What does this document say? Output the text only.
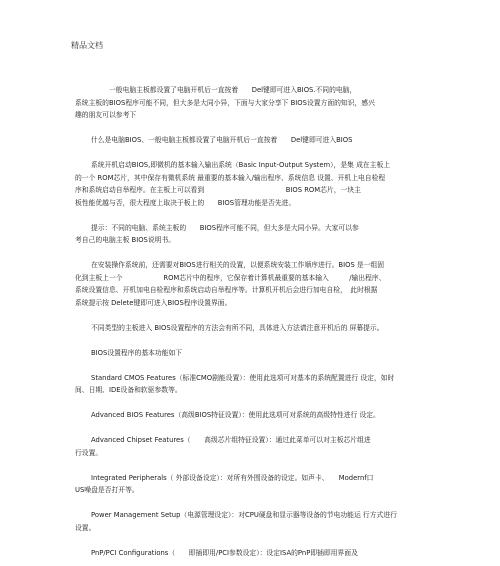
精品文档

一般电脑主板都设置了电脑开机后一直按着　　Del键即可进入BIOS.不同的电脑，

系统主板的BIOS程序可能不同，但大多是大同小异，下面与大家分享下 BIOS设置方面的知识，感兴

趣的朋友可以参考下

什么是电脑BIOS、一般电脑主板都设置了电脑开机后一直按着　　Del键即可进入BIOS

系统开机启动BIOS,即微机的基本输入输出系统（Basic Input-Output System），是集 成在主板上

的一个 ROM芯片，其中保存有微机系统 最重要的基本输入/输出程序、系统信息 设置、开机上电自检程

序和系统启动自举程序。在主板上可以看到　　　　　　　　　　　　BIOS ROM芯片，一块主

板性能优越与否，很大程度上取决于板上的　　BIOS管理功能是否先进。

提示：不同的电脑、系统主板的　　BIOS程序可能不同，但大多是大同小异。大家可以参

考自己的电脑主板 BIOS说明书。

在安装操作系统前，还需要对BIOS进行相关的设置，以便系统安装工作顺序进行。BIOS 是一组固

化到主板上一个　　　　　　ROM芯片中的程序，它保存着计算机最重要的基本输入　　　/输出程序、

系统设置信息、开机加电自检程序和系统启动自举程序等。计算机开机后会进行加电自检，　此时根据

系统提示按 Delete键即可进入BIOS程序设置界面。

不同类型的主板进入 BIOS设置程序的方法会有所不同，具体进入方法请注意开机后的 屏幕提示。

BIOS设置程序的基本功能如下

Standard CMOS Features（标准CMO剧能设置）：使用此选项可对基本的系统配置进行 设定，如时

间、日期、IDE设备和软驱参数等。

Advanced BIOS Features（高级BIOS特征设置）：使用此选项可对系统的高级特性进行 设定。

Advanced Chipset Features（　　高级芯片组特征设置）：通过此菜单可以对主板芯片组进

行设置。

Integrated Peripherals（ 外部设备设定）：对所有外围设备的设定。如声卡、　　Modernf口

US噪盘是否打开等。

Power Management Setup（电源管理设定）：对CPU硬盘和显示器等设备的节电功能运 行方式进行

设置。

PnP/PCI Configurations（　　即插即用/PCI参数设定）：设定ISA的PnP即插即用界面及
